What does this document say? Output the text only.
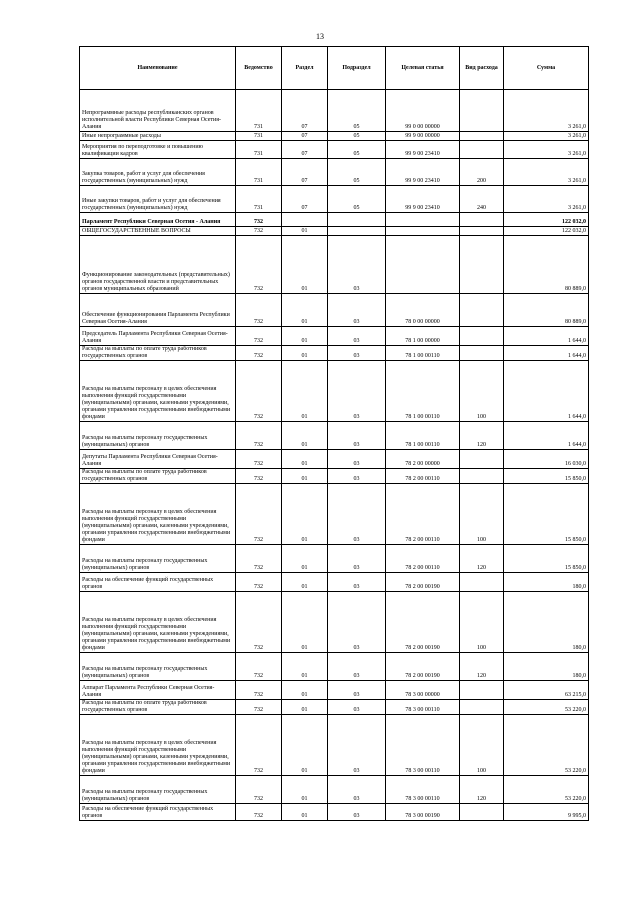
13
Наименование	Ведомство	Раздел	Подраздел	Целевая статья	Вид расхода	Сумма
Непрограммные расходы республиканских органов исполнительной власти Республики Северная Осетия-Алания	731	07	05	99 0 00 00000		3 261,0
Иные непрограммные расходы	731	07	05	99 9 00 00000		3 261,0
Мероприятия по переподготовке и повышению квалификации кадров	731	07	05	99 9 00 23410		3 261,0
Закупка товаров, работ и услуг для обеспечения государственных (муниципальных) нужд	731	07	05	99 9 00 23410	200	3 261,0
Иные закупки товаров, работ и услуг для обеспечения государственных (муниципальных) нужд	731	07	05	99 9 00 23410	240	3 261,0
Парламент Республики Северная Осетия - Алания	732					122 032,0
ОБЩЕГОСУДАРСТВЕННЫЕ ВОПРОСЫ	732	01				122 032,0
Функционирование законодательных (представительных) органов государственной власти и представительных органов муниципальных образований	732	01	03			80 889,0
Обеспечение функционирования Парламента Республики Северная Осетия-Алания	732	01	03	78 0 00 00000		80 889,0
Председатель Парламента Республики Северная Осетия-Алания	732	01	03	78 1 00 00000		1 644,0
Расходы на выплаты по оплате труда работников государственных органов	732	01	03	78 1 00 00110		1 644,0
Расходы на выплаты персоналу в целях обеспечения выполнения функций государственными (муниципальными) органами, казенными учреждениями, органами управления государственными внебюджетными фондами	732	01	03	78 1 00 00110	100	1 644,0
Расходы на выплаты персоналу государственных (муниципальных) органов	732	01	03	78 1 00 00110	120	1 644,0
Депутаты Парламента Республики Северная Осетия-Алания	732	01	03	78 2 00 00000		16 030,0
Расходы на выплаты по оплате труда работников государственных органов	732	01	03	78 2 00 00110		15 850,0
Расходы на выплаты персоналу в целях обеспечения выполнения функций государственными (муниципальными) органами, казенными учреждениями, органами управления государственными внебюджетными фондами	732	01	03	78 2 00 00110	100	15 850,0
Расходы на выплаты персоналу государственных (муниципальных) органов	732	01	03	78 2 00 00110	120	15 850,0
Расходы на обеспечение функций государственных органов	732	01	03	78 2 00 00190		180,0
Расходы на выплаты персоналу в целях обеспечения выполнения функций государственными (муниципальными) органами, казенными учреждениями, органами управления государственными внебюджетными фондами	732	01	03	78 2 00 00190	100	180,0
Расходы на выплаты персоналу государственных (муниципальных) органов	732	01	03	78 2 00 00190	120	180,0
Аппарат Парламента Республики Северная Осетия-Алания	732	01	03	78 3 00 00000		63 215,0
Расходы на выплаты по оплате труда работников государственных органов	732	01	03	78 3 00 00110		53 220,0
Расходы на выплаты персоналу в целях обеспечения выполнения функций государственными (муниципальными) органами, казенными учреждениями, органами управления государственными внебюджетными фондами	732	01	03	78 3 00 00110	100	53 220,0
Расходы на выплаты персоналу государственных (муниципальных) органов	732	01	03	78 3 00 00110	120	53 220,0
Расходы на обеспечение функций государственных органов	732	01	03	78 3 00 00190		9 995,0
